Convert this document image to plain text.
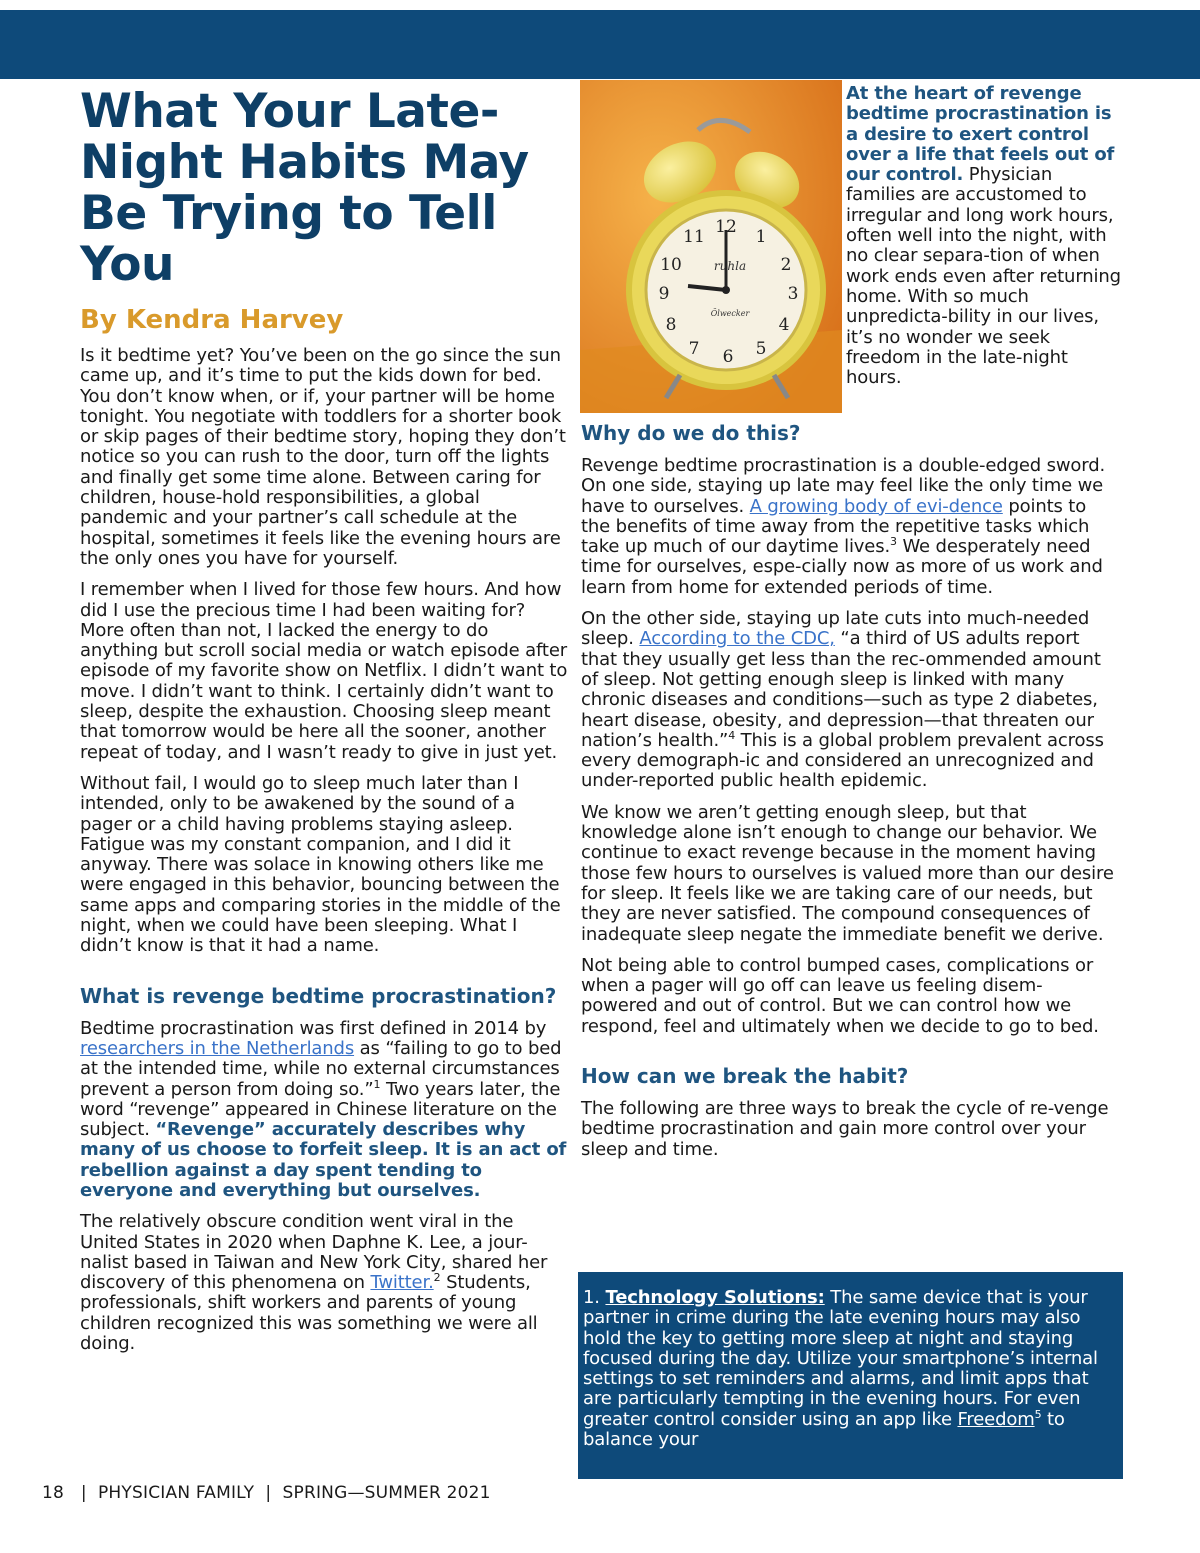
12 1
2
3
4
5
6
7
8
9
10
11
ruhla
Ölwecker

At the heart of revenge bedtime procrastination is a desire to exert control over a life that feels out of our control. Physician families are accustomed to irregular and long work hours, often well into the night, with no clear separa-tion of when work ends even after returning home. With so much unpredicta-bility in our lives, it’s no wonder we seek freedom in the late-night hours.

What Your Late-Night Habits May Be Trying to Tell You
By Kendra Harvey

Is it bedtime yet? You’ve been on the go since the sun came up, and it’s time to put the kids down for bed. You don’t know when, or if, your partner will be home tonight. You negotiate with toddlers for a shorter book or skip pages of their bedtime story, hoping they don’t notice so you can rush to the door, turn off the lights and finally get some time alone. Between caring for children, house-hold responsibilities, a global pandemic and your partner’s call schedule at the hospital, sometimes it feels like the evening hours are the only ones you have for yourself.

I remember when I lived for those few hours. And how did I use the precious time I had been waiting for? More often than not, I lacked the energy to do anything but scroll social media or watch episode after episode of my favorite show on Netflix. I didn’t want to move. I didn’t want to think. I certainly didn’t want to sleep, despite the exhaustion. Choosing sleep meant that tomorrow would be here all the sooner, another repeat of today, and I wasn’t ready to give in just yet.

Without fail, I would go to sleep much later than I intended, only to be awakened by the sound of a pager or a child having problems staying asleep. Fatigue was my constant companion, and I did it anyway. There was solace in knowing others like me were engaged in this behavior, bouncing between the same apps and comparing stories in the middle of the night, when we could have been sleeping. What I didn’t know is that it had a name.

What is revenge bedtime procrastination?

Bedtime procrastination was first defined in 2014 by researchers in the Netherlands as “failing to go to bed at the intended time, while no external circumstances prevent a person from doing so.”$^1$ Two years later, the word “revenge” appeared in Chinese literature on the subject. “Revenge” accurately describes why many of us choose to forfeit sleep. It is an act of rebellion against a day spent tending to everyone and everything but ourselves.

The relatively obscure condition went viral in the United States in 2020 when Daphne K. Lee, a jour-nalist based in Taiwan and New York City, shared her discovery of this phenomena on Twitter.$^2$ Students, professionals, shift workers and parents of young children recognized this was something we were all doing.

Why do we do this?

Revenge bedtime procrastination is a double-edged sword. On one side, staying up late may feel like the only time we have to ourselves. A growing body of evi-dence points to the benefits of time away from the repetitive tasks which take up much of our daytime lives.$^3$ We desperately need time for ourselves, espe-cially now as more of us work and learn from home for extended periods of time.

On the other side, staying up late cuts into much-needed sleep. According to the CDC, “a third of US adults report that they usually get less than the rec-ommended amount of sleep. Not getting enough sleep is linked with many chronic diseases and conditions—such as type 2 diabetes, heart disease, obesity, and depression—that threaten our nation’s health.”$^4$ This is a global problem prevalent across every demograph-ic and considered an unrecognized and under-reported public health epidemic.

We know we aren’t getting enough sleep, but that knowledge alone isn’t enough to change our behavior. We continue to exact revenge because in the moment having those few hours to ourselves is valued more than our desire for sleep. It feels like we are taking care of our needs, but they are never satisfied. The compound consequences of inadequate sleep negate the immediate benefit we derive.

Not being able to control bumped cases, complications or when a pager will go off can leave us feeling disem-powered and out of control. But we can control how we respond, feel and ultimately when we decide to go to bed.

How can we break the habit?

The following are three ways to break the cycle of re-venge bedtime procrastination and gain more control over your sleep and time.

1. Technology Solutions: The same device that is your partner in crime during the late evening hours may also hold the key to getting more sleep at night and staying focused during the day. Utilize your smartphone’s internal settings to set reminders and alarms, and limit apps that are particularly tempting in the evening hours. For even greater control consider using an app like Freedom$^5$ to balance your

18   |  PHYSICIAN FAMILY  |  SPRING—SUMMER 2021
